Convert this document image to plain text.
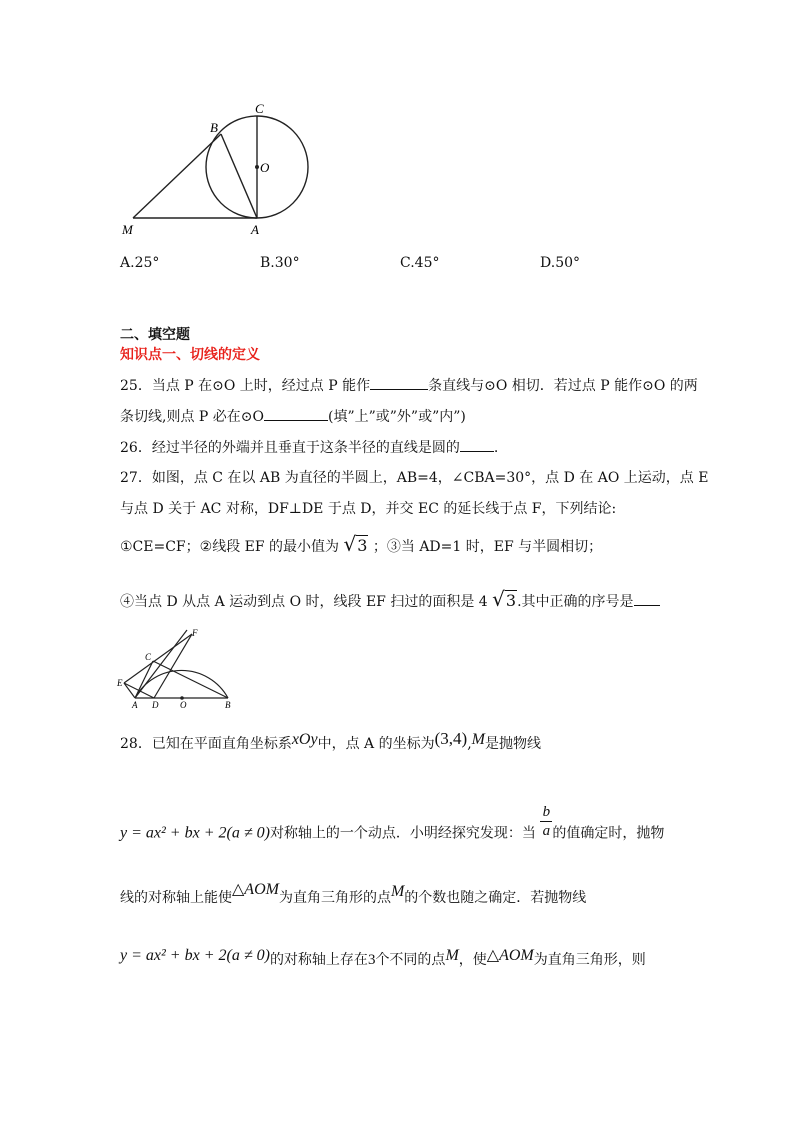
C
B
O
M	A
A.25°	B.30°	C.45°	D.50°
二、填空题
知识点一、切线的定义
25．当点 P 在⊙O 上时，经过点 P 能作	条直线与⊙O 相切．若过点 P 能作⊙O 的两
条切线,则点 P 必在⊙O	(填”上”或”外”或”内”)
26．经过半径的外端并且垂直于这条半径的直线是圆的 .
27．如图，点 C 在以 AB 为直径的半圆上，AB=4，∠CBA=30°，点 D 在 AO 上运动，点 E
与点 D 关于 AC 对称，DF⊥DE 于点 D，并交 EC 的延长线于点 F，下列结论:
①CE=CF；②线段 EF 的最小值为 √3 ；③当 AD=1 时，EF 与半圆相切；
④当点 D 从点 A 运动到点 O 时，线段 EF 扫过的面积是 4 √3.其中正确的序号是
F
C
E
A D O	B
28．已知在平面直角坐标系xOy中，点 A 的坐标为(3,4),M是抛物线
y = ax² + bx + 2(a ≠ 0)对称轴上的一个动点．小明经探究发现：当 $\frac{b}{a}$ 的值确定时，抛物
线的对称轴上能使△AOM为直角三角形的点M的个数也随之确定．若抛物线
y = ax² + bx + 2(a ≠ 0)的对称轴上存在3个不同的点M，使△AOM为直角三角形，则
